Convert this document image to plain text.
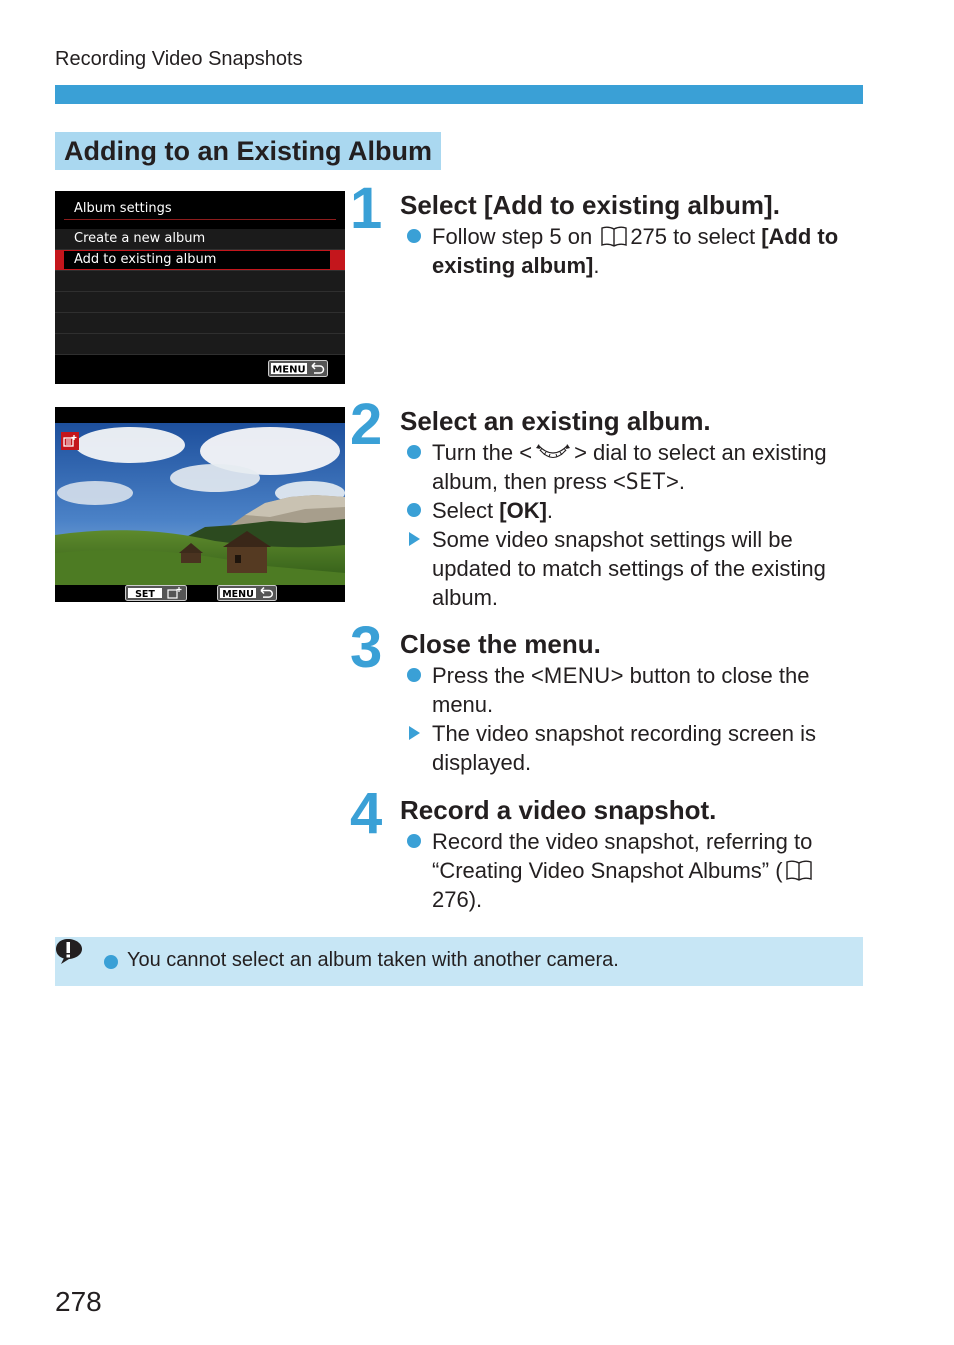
Recording Video Snapshots
Adding to an Existing Album
Album settings
Create a new album
Add to existing album
MENU
SET	MENU
1 Select [Add to existing album].
Follow step 5 on 275 to select [Add to existing album].
2 Select an existing album.
Turn the < > dial to select an existing album, then press <SET>.
Select [OK].
Some video snapshot settings will be updated to match settings of the existing album.
3 Close the menu.
Press the <MENU> button to close the menu.
The video snapshot recording screen is displayed.
4 Record a video snapshot.
Record the video snapshot, referring to “Creating Video Snapshot Albums” (276).
You cannot select an album taken with another camera.
278
